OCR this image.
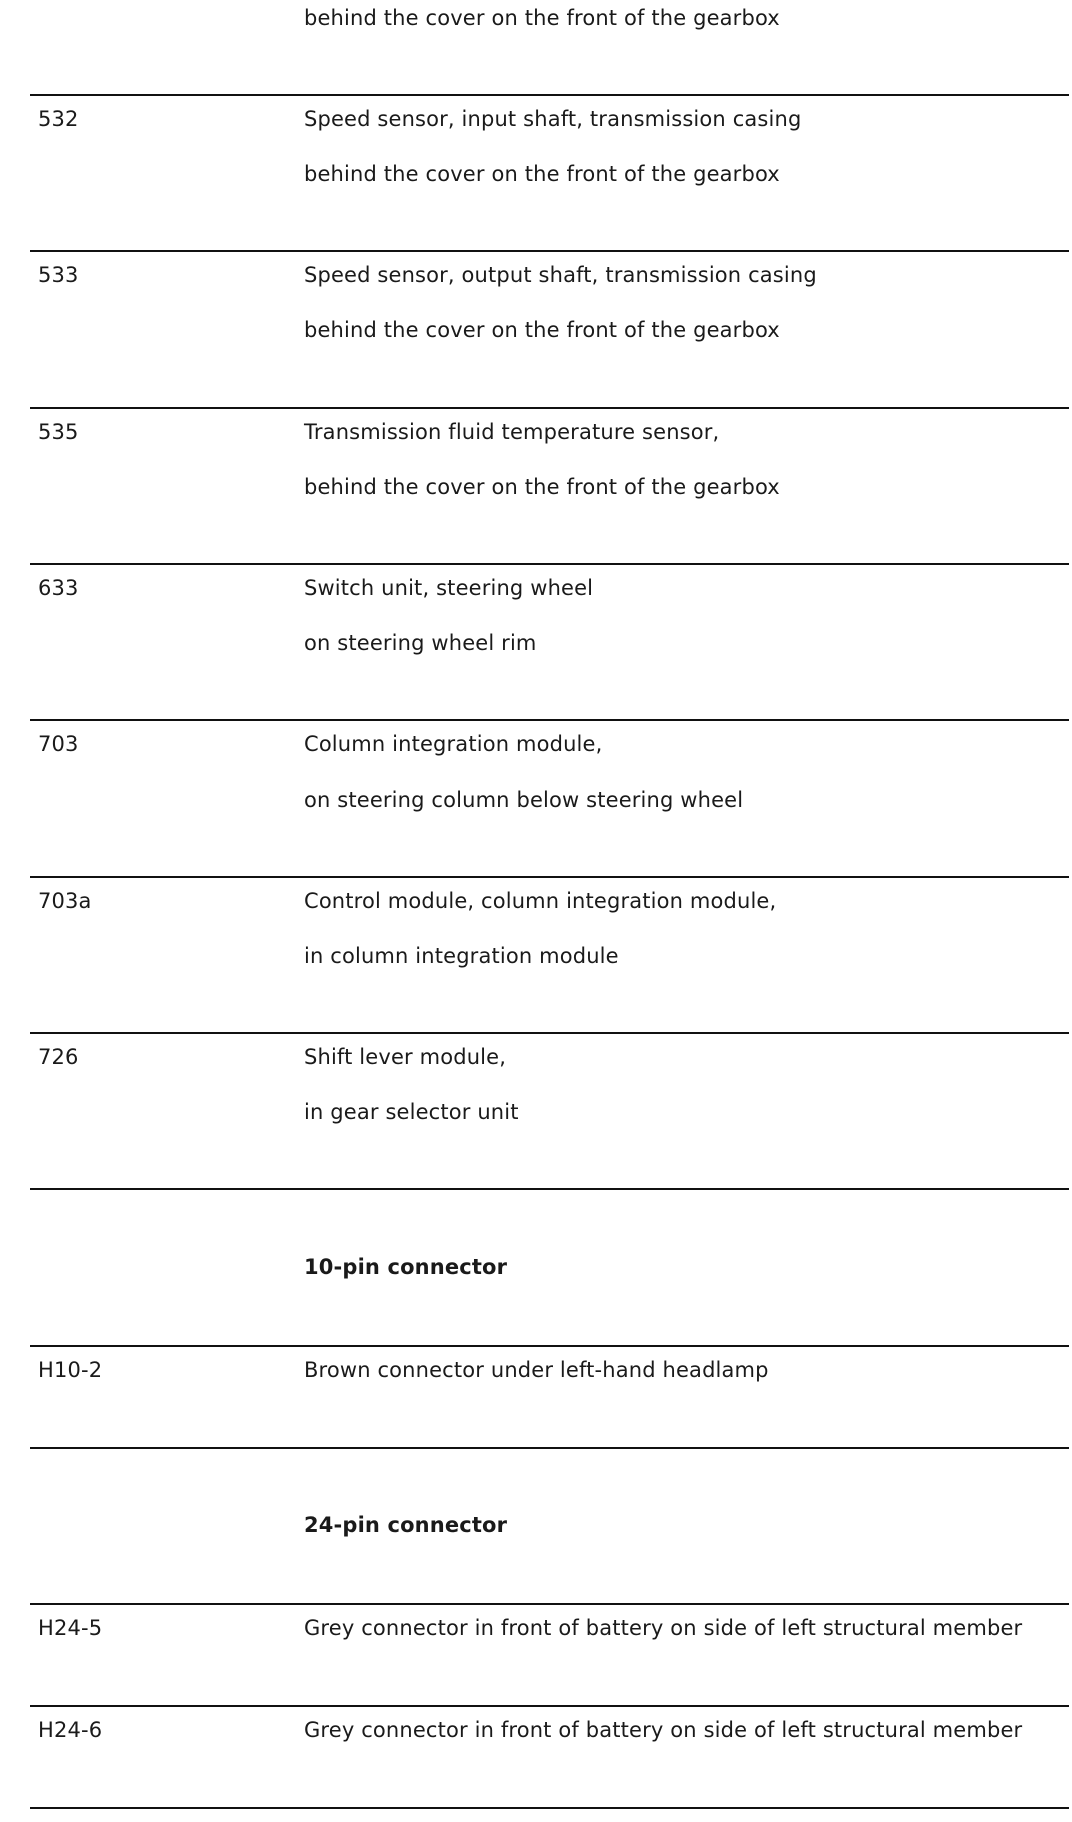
behind the cover on the front of the gearbox
532	Speed sensor, input shaft, transmission casing
behind the cover on the front of the gearbox
533	Speed sensor, output shaft, transmission casing
behind the cover on the front of the gearbox
535	Transmission fluid temperature sensor,
behind the cover on the front of the gearbox
633	Switch unit, steering wheel
on steering wheel rim
703	Column integration module,
on steering column below steering wheel
703a	Control module, column integration module,
in column integration module
726	Shift lever module,
in gear selector unit
10-pin connector
H10-2	Brown connector under left-hand headlamp
24-pin connector
H24-5	Grey connector in front of battery on side of left structural member
H24-6	Grey connector in front of battery on side of left structural member
